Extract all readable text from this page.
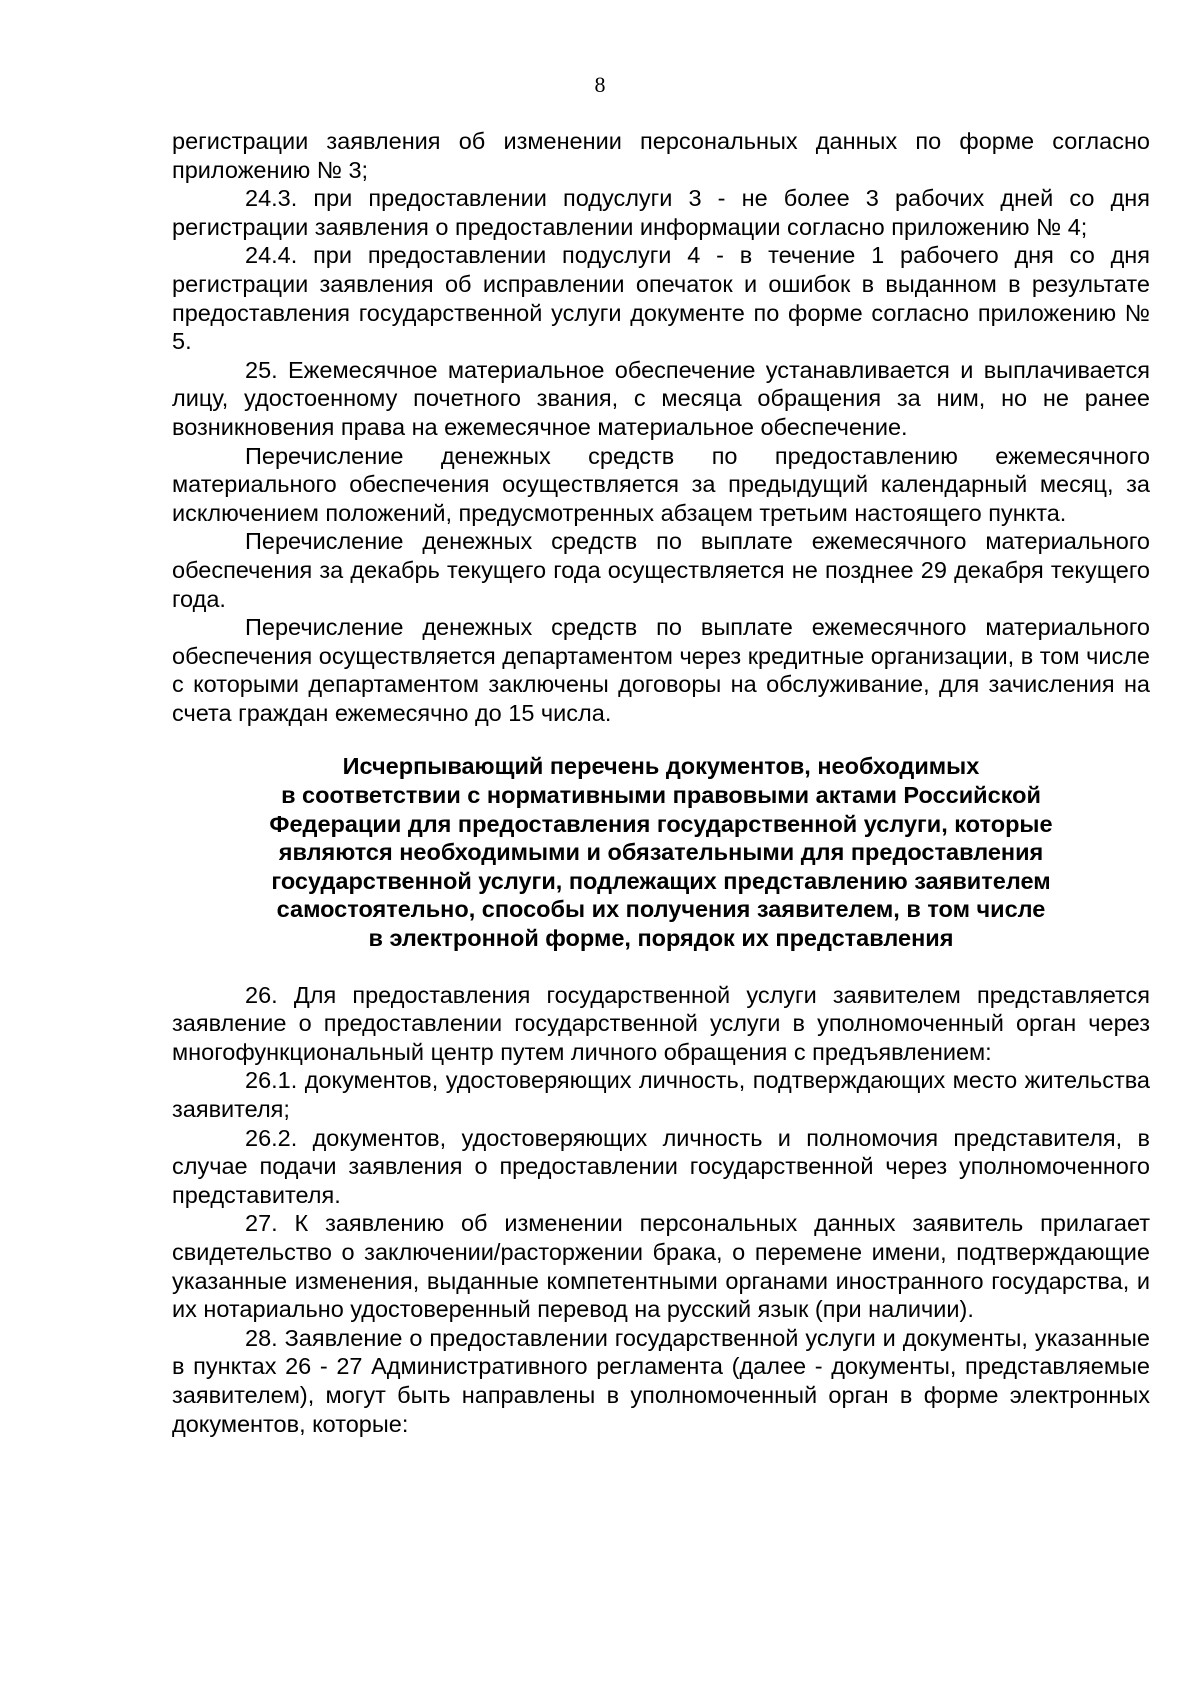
8

регистрации заявления об изменении персональных данных по форме согласно приложению № 3;

24.3. при предоставлении подуслуги 3 - не более 3 рабочих дней со дня регистрации заявления о предоставлении информации согласно приложению № 4;

24.4. при предоставлении подуслуги 4 - в течение 1 рабочего дня со дня регистрации заявления об исправлении опечаток и ошибок в выданном в результате предоставления государственной услуги документе по форме согласно приложению № 5.

25. Ежемесячное материальное обеспечение устанавливается и выплачивается лицу, удостоенному почетного звания, с месяца обращения за ним, но не ранее возникновения права на ежемесячное материальное обеспечение.

Перечисление денежных средств по предоставлению ежемесячного материального обеспечения осуществляется за предыдущий календарный месяц, за исключением положений, предусмотренных абзацем третьим настоящего пункта.

Перечисление денежных средств по выплате ежемесячного материального обеспечения за декабрь текущего года осуществляется не позднее 29 декабря текущего года.

Перечисление денежных средств по выплате ежемесячного материального обеспечения осуществляется департаментом через кредитные организации, в том числе с которыми департаментом заключены договоры на обслуживание, для зачисления на счета граждан ежемесячно до 15 числа.

Исчерпывающий перечень документов, необходимых
в соответствии с нормативными правовыми актами Российской
Федерации для предоставления государственной услуги, которые
являются необходимыми и обязательными для предоставления
государственной услуги, подлежащих представлению заявителем
самостоятельно, способы их получения заявителем, в том числе
в электронной форме, порядок их представления

26. Для предоставления государственной услуги заявителем представляется заявление о предоставлении государственной услуги в уполномоченный орган через многофункциональный центр путем личного обращения с предъявлением:

26.1. документов, удостоверяющих личность, подтверждающих место жительства заявителя;

26.2. документов, удостоверяющих личность и полномочия представителя, в случае подачи заявления о предоставлении государственной через уполномоченного представителя.

27. К заявлению об изменении персональных данных заявитель прилагает свидетельство о заключении/расторжении брака, о перемене имени, подтверждающие указанные изменения, выданные компетентными органами иностранного государства, и их нотариально удостоверенный перевод на русский язык (при наличии).

28. Заявление о предоставлении государственной услуги и документы, указанные в пунктах 26 - 27 Административного регламента (далее - документы, представляемые заявителем), могут быть направлены в уполномоченный орган в форме электронных документов, которые:
